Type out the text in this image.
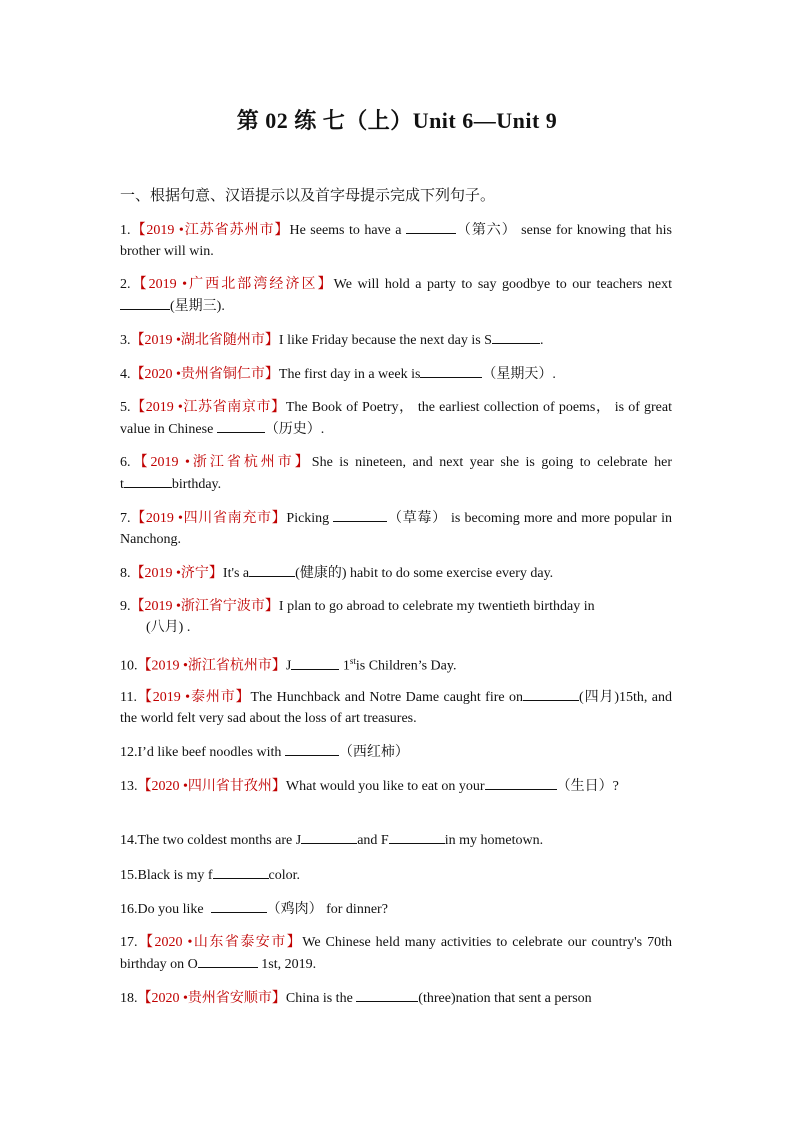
第 02 练 七（上）Unit 6—Unit 9
一、根据句意、汉语提示以及首字母提示完成下列句子。
1.【2019 •江苏省苏州市】He seems to have a	（第六） sense for knowing that his brother will win.
2.【2019 •广西北部湾经济区】We will hold a party to say goodbye to our teachers next(星期三).
3.【2019 •湖北省随州市】I like Friday because the next day is S	.
4.【2020 •贵州省铜仁市】The first day in a week is	（星期天）.
5.【2019 •江苏省南京市】The Book of Poetry， the earliest collection of poems， is of great value in Chinese	（历史）.
6.【2019 •浙江省杭州市】She is nineteen, and next year she is going to celebrate her                    t	birthday.
7.【2019 •四川省南充市】Picking	（草莓） is becoming more and more popular in Nanchong.
8.【2019 •济宁】It's a	(健康的) habit to do some exercise every day.
9.【2019 •浙江省宁波市】I plan to go abroad to celebrate my twentieth birthday in
(八月) .
10.【2019 •浙江省杭州市】J	1stis Children’s Day.
11.【2019 •泰州市】The Hunchback and Notre Dame caught fire on	(四月)15th, and the world felt very sad about the loss of art treasures.
12.I’d like beef noodles with	（西红柿）
13.【2020 •四川省甘孜州】What would you like to eat on your	（生日）?
14.The two coldest months are J	and F	in my hometown.
15.Black is my f	color.
16.Do you like	（鸡肉） for dinner?
17.【2020 •山东省泰安市】We Chinese held many activities to celebrate our country's 70th birthday on O	1st, 2019.
18.【2020 •贵州省安顺市】China is the	(three)nation that sent a person
